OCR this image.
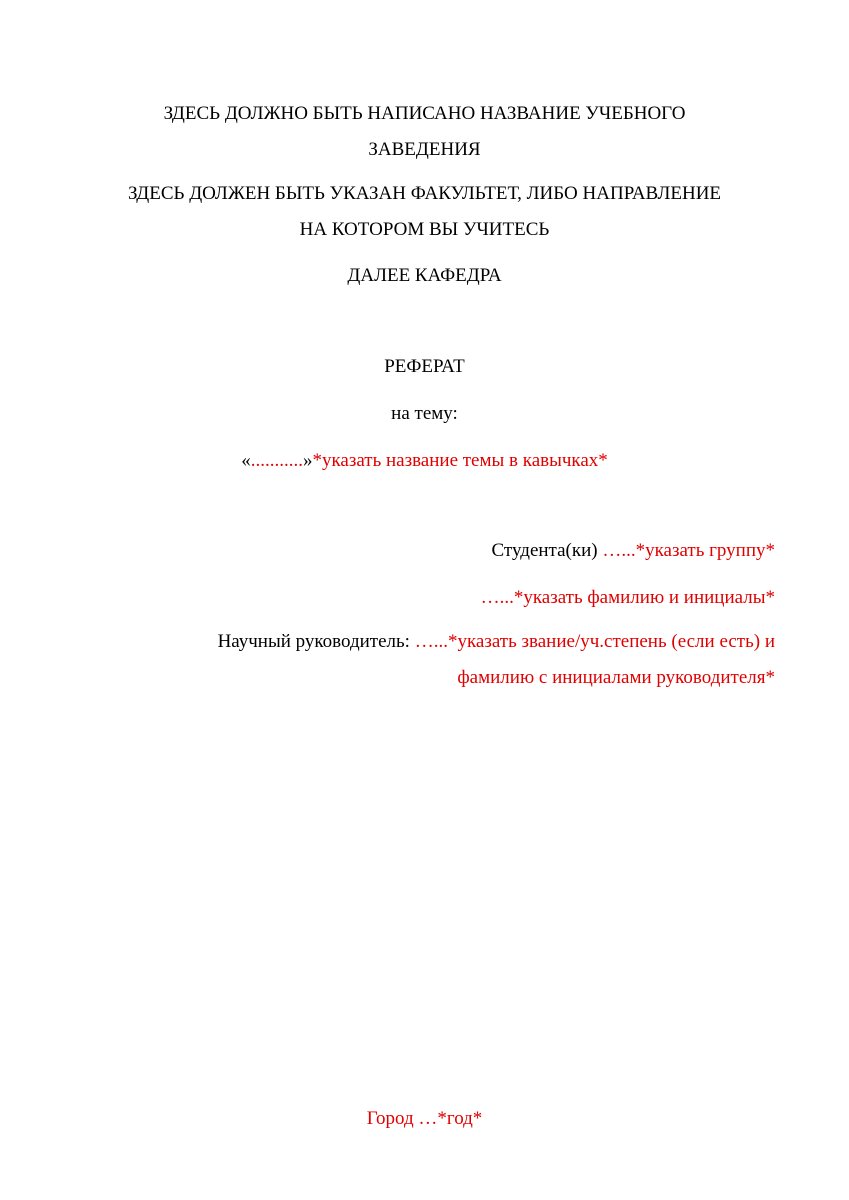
ЗДЕСЬ ДОЛЖНО БЫТЬ НАПИСАНО НАЗВАНИЕ УЧЕБНОГО
ЗАВЕДЕНИЯ
ЗДЕСЬ ДОЛЖЕН БЫТЬ УКАЗАН ФАКУЛЬТЕТ, ЛИБО НАПРАВЛЕНИЕ
НА КОТОРОМ ВЫ УЧИТЕСЬ
ДАЛЕЕ КАФЕДРА
РЕФЕРАТ
на тему:
«...........»*указать название темы в кавычках*
Студента(ки) …...*указать группу*
…...*указать фамилию и инициалы*
Научный руководитель: …...*указать звание/уч.степень (если есть) и
фамилию с инициалами руководителя*
Город …*год*
